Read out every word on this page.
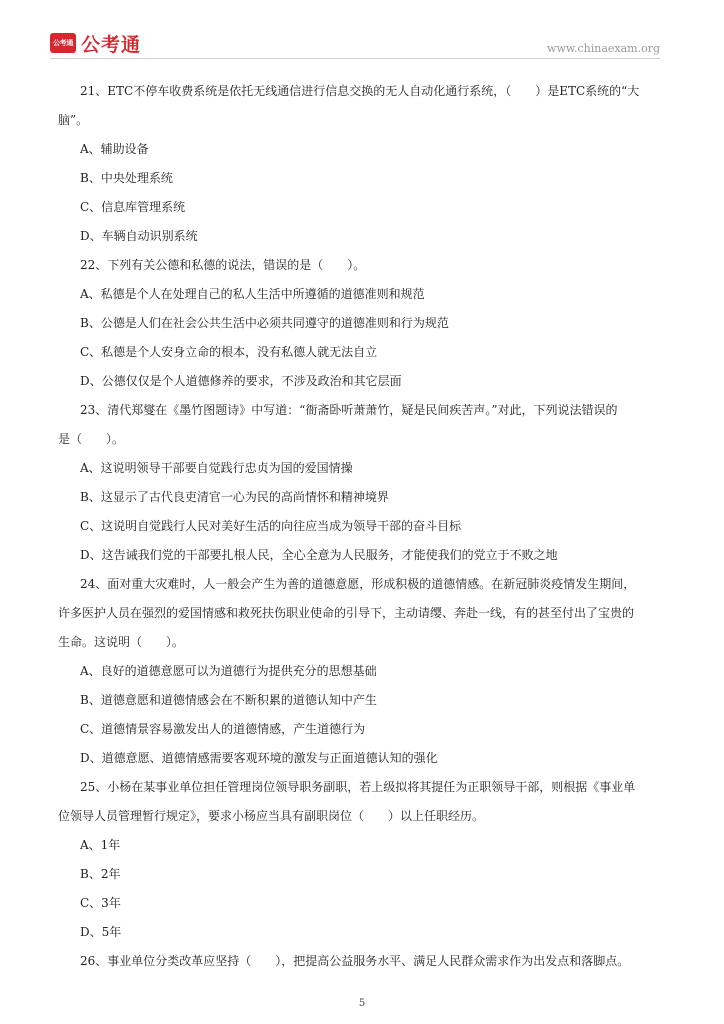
公考通 公考通	www.chinaexam.org
21、ETC不停车收费系统是依托无线通信进行信息交换的无人自动化通行系统，（　　）是ETC系统的“大
脑”。
A、辅助设备
B、中央处理系统
C、信息库管理系统
D、车辆自动识别系统
22、下列有关公德和私德的说法，错误的是（　　）。
A、私德是个人在处理自己的私人生活中所遵循的道德准则和规范
B、公德是人们在社会公共生活中必须共同遵守的道德准则和行为规范
C、私德是个人安身立命的根本，没有私德人就无法自立
D、公德仅仅是个人道德修养的要求，不涉及政治和其它层面
23、清代郑燮在《墨竹图题诗》中写道：“衙斋卧听萧萧竹，疑是民间疾苦声。”对此，下列说法错误的
是（　　）。
A、这说明领导干部要自觉践行忠贞为国的爱国情操
B、这显示了古代良吏清官一心为民的高尚情怀和精神境界
C、这说明自觉践行人民对美好生活的向往应当成为领导干部的奋斗目标
D、这告诫我们党的干部要扎根人民，全心全意为人民服务，才能使我们的党立于不败之地
24、面对重大灾难时，人一般会产生为善的道德意愿，形成积极的道德情感。在新冠肺炎疫情发生期间，
许多医护人员在强烈的爱国情感和救死扶伤职业使命的引导下，主动请缨、奔赴一线，有的甚至付出了宝贵的
生命。这说明（　　）。
A、良好的道德意愿可以为道德行为提供充分的思想基础
B、道德意愿和道德情感会在不断积累的道德认知中产生
C、道德情景容易激发出人的道德情感，产生道德行为
D、道德意愿、道德情感需要客观环境的激发与正面道德认知的强化
25、小杨在某事业单位担任管理岗位领导职务副职，若上级拟将其提任为正职领导干部，则根据《事业单
位领导人员管理暂行规定》，要求小杨应当具有副职岗位（　　）以上任职经历。
A、1年
B、2年
C、3年
D、5年
26、事业单位分类改革应坚持（　　），把提高公益服务水平、满足人民群众需求作为出发点和落脚点。
5
